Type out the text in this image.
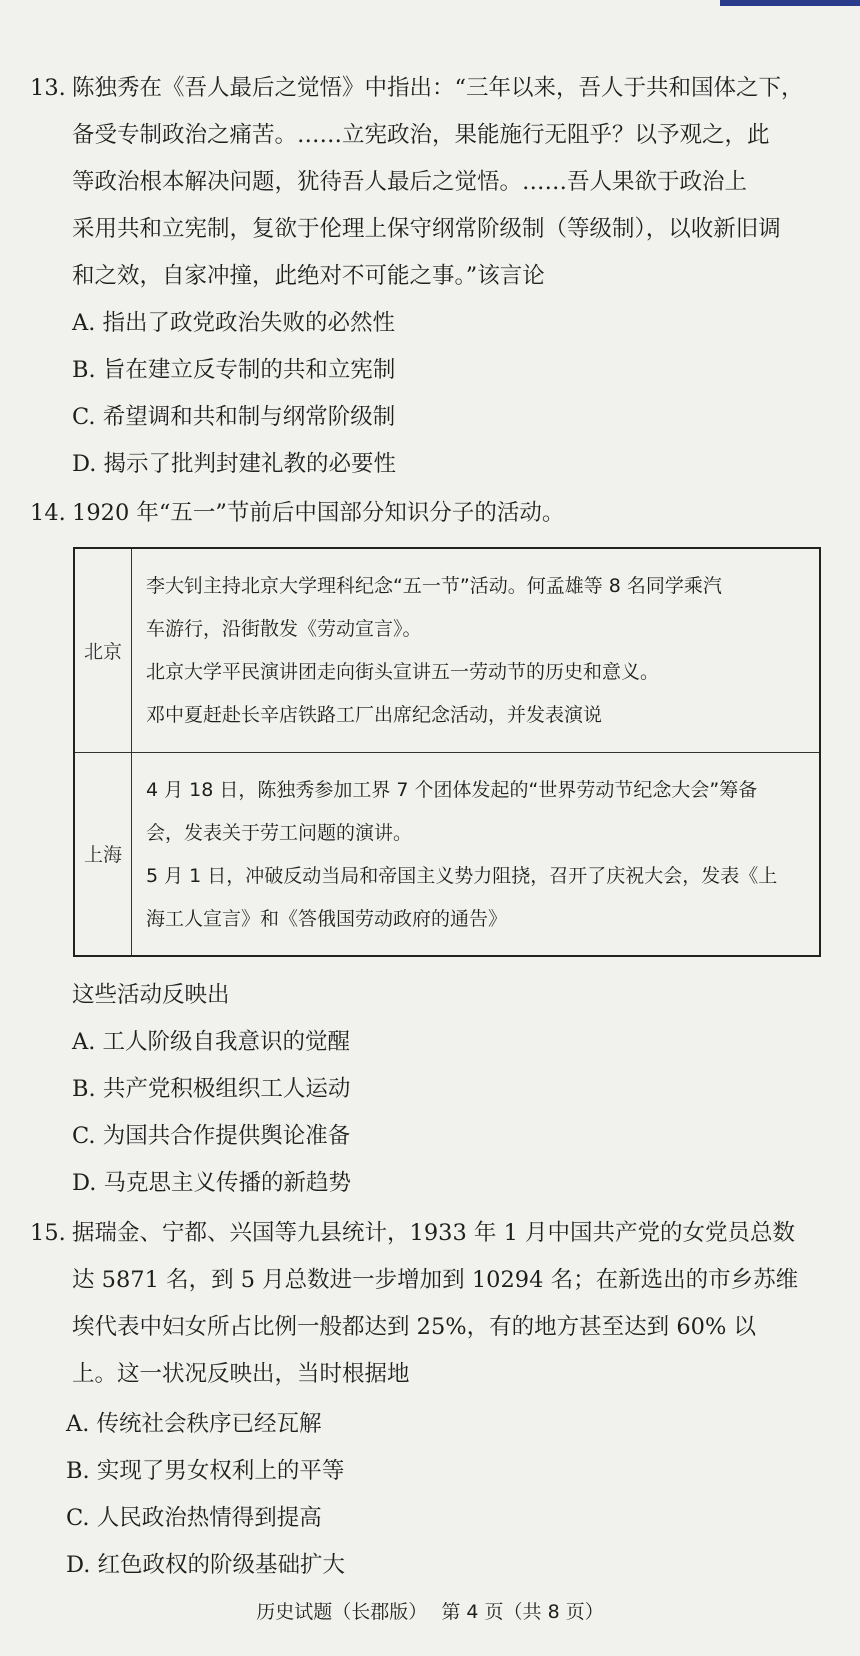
13. 陈独秀在《吾人最后之觉悟》中指出：“三年以来，吾人于共和国体之下，
备受专制政治之痛苦。……立宪政治，果能施行无阻乎？以予观之，此
等政治根本解决问题，犹待吾人最后之觉悟。……吾人果欲于政治上
采用共和立宪制，复欲于伦理上保守纲常阶级制（等级制），以收新旧调
和之效，自家冲撞，此绝对不可能之事。”该言论
A. 指出了政党政治失败的必然性
B. 旨在建立反专制的共和立宪制
C. 希望调和共和制与纲常阶级制
D. 揭示了批判封建礼教的必要性
14. 1920 年“五一”节前后中国部分知识分子的活动。
北京	李大钊主持北京大学理科纪念“五一节”活动。何孟雄等 8 名同学乘汽
车游行，沿街散发《劳动宣言》。
北京大学平民演讲团走向街头宣讲五一劳动节的历史和意义。
邓中夏赶赴长辛店铁路工厂出席纪念活动，并发表演说

上海	4 月 18 日，陈独秀参加工界 7 个团体发起的“世界劳动节纪念大会”筹备
会，发表关于劳工问题的演讲。
5 月 1 日，冲破反动当局和帝国主义势力阻挠，召开了庆祝大会，发表《上
海工人宣言》和《答俄国劳动政府的通告》
这些活动反映出
A. 工人阶级自我意识的觉醒
B. 共产党积极组织工人运动
C. 为国共合作提供舆论准备
D. 马克思主义传播的新趋势
15. 据瑞金、宁都、兴国等九县统计，1933 年 1 月中国共产党的女党员总数
达 5871 名，到 5 月总数进一步增加到 10294 名；在新选出的市乡苏维
埃代表中妇女所占比例一般都达到 25%，有的地方甚至达到 60% 以
上。这一状况反映出，当时根据地
A. 传统社会秩序已经瓦解
B. 实现了男女权利上的平等
C. 人民政治热情得到提高
D. 红色政权的阶级基础扩大
历史试题（长郡版） 第 4 页（共 8 页）
